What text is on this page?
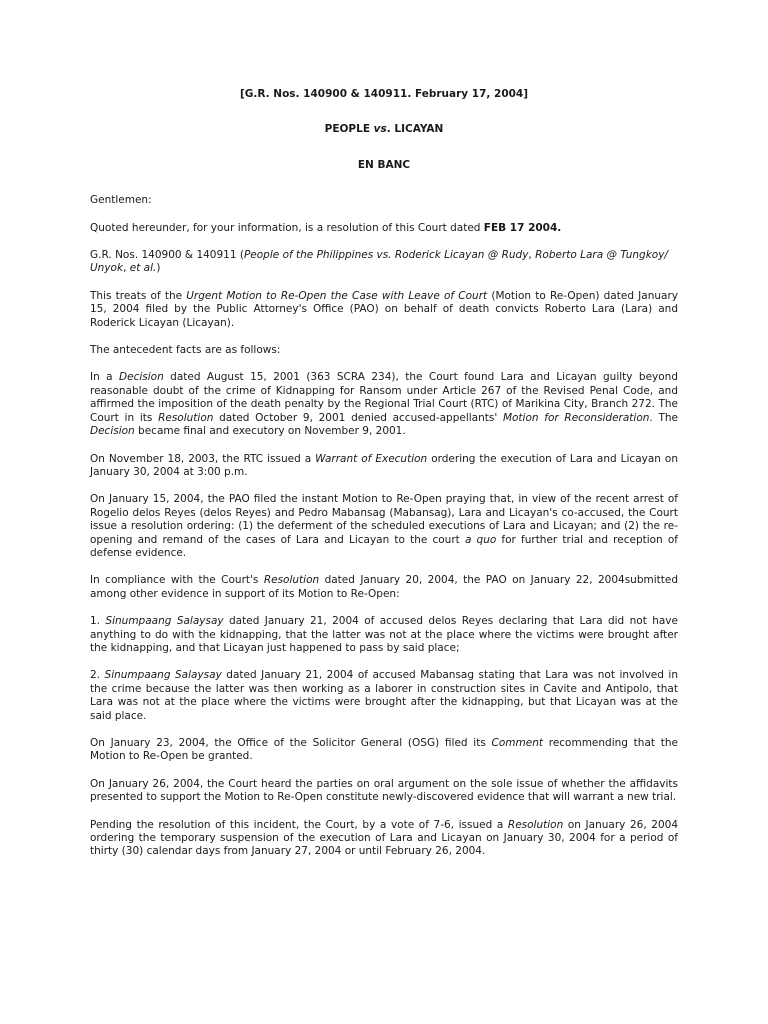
[G.R. Nos. 140900 & 140911. February 17, 2004]
PEOPLE vs. LICAYAN
EN BANC

Gentlemen:

Quoted hereunder, for your information, is a resolution of this Court dated FEB 17 2004.

G.R. Nos. 140900 & 140911 (People of the Philippines vs. Roderick Licayan @ Rudy, Roberto Lara @ Tungkoy/ Unyok, et al.)

This treats of the Urgent Motion to Re-Open the Case with Leave of Court (Motion to Re-Open) dated January 15, 2004 filed by the Public Attorney's Office (PAO) on behalf of death convicts Roberto Lara (Lara) and Roderick Licayan (Licayan).

The antecedent facts are as follows:

In a Decision dated August 15, 2001 (363 SCRA 234), the Court found Lara and Licayan guilty beyond reasonable doubt of the crime of Kidnapping for Ransom under Article 267 of the Revised Penal Code, and affirmed the imposition of the death penalty by the Regional Trial Court (RTC) of Marikina City, Branch 272. The Court in its Resolution dated October 9, 2001 denied accused-appellants' Motion for Reconsideration. The Decision became final and executory on November 9, 2001.

On November 18, 2003, the RTC issued a Warrant of Execution ordering the execution of Lara and Licayan on January 30, 2004 at 3:00 p.m.

On January 15, 2004, the PAO filed the instant Motion to Re-Open praying that, in view of the recent arrest of Rogelio delos Reyes (delos Reyes) and Pedro Mabansag (Mabansag), Lara and Licayan's co-accused, the Court issue a resolution ordering: (1) the deferment of the scheduled executions of Lara and Licayan; and (2) the re-opening and remand of the cases of Lara and Licayan to the court a quo for further trial and reception of defense evidence.

In compliance with the Court's Resolution dated January 20, 2004, the PAO on January 22, 2004submitted among other evidence in support of its Motion to Re-Open:

1. Sinumpaang Salaysay dated January 21, 2004 of accused delos Reyes declaring that Lara did not have anything to do with the kidnapping, that the latter was not at the place where the victims were brought after the kidnapping, and that Licayan just happened to pass by said place;

2. Sinumpaang Salaysay dated January 21, 2004 of accused Mabansag stating that Lara was not involved in the crime because the latter was then working as a laborer in construction sites in Cavite and Antipolo, that Lara was not at the place where the victims were brought after the kidnapping, but that Licayan was at the said place.

On January 23, 2004, the Office of the Solicitor General (OSG) filed its Comment recommending that the Motion to Re-Open be granted.

On January 26, 2004, the Court heard the parties on oral argument on the sole issue of whether the affidavits presented to support the Motion to Re-Open constitute newly-discovered evidence that will warrant a new trial.

Pending the resolution of this incident, the Court, by a vote of 7-6, issued a Resolution on January 26, 2004 ordering the temporary suspension of the execution of Lara and Licayan on January 30, 2004 for a period of thirty (30) calendar days from January 27, 2004 or until February 26, 2004.
